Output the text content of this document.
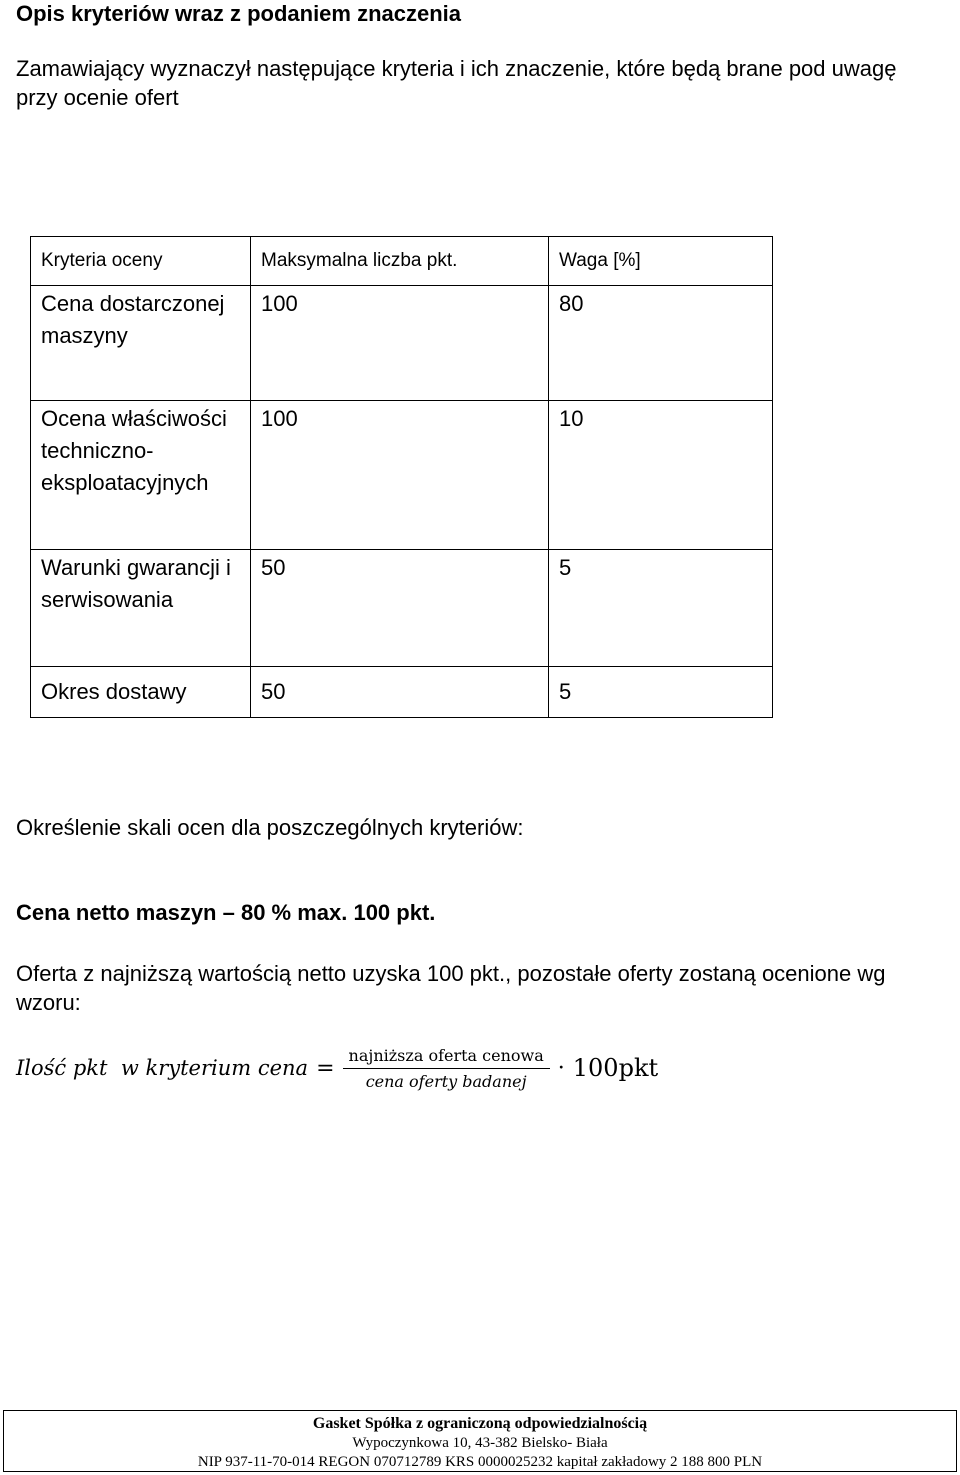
Opis kryteriów wraz z podaniem znaczenia
Zamawiający wyznaczył następujące kryteria i ich znaczenie, które będą brane pod uwagę przy ocenie ofert
Kryteria oceny	Maksymalna liczba pkt.	Waga [%]
Cena dostarczonej maszyny	100	80
Ocena właściwości techniczno-eksploatacyjnych	100	10
Warunki gwarancji i serwisowania	50	5
Okres dostawy	50	5
Określenie skali ocen dla poszczególnych kryteriów:
Cena netto maszyn – 80 % max. 100 pkt.
Oferta z najniższą wartością netto uzyska 100 pkt., pozostałe oferty zostaną ocenione wg wzoru:
Ilość pkt  w kryterium cena = $\frac{\text{najniższa oferta cenowa}}{\text{cena oferty badanej}} \cdot 100pkt$
Gasket Spółka z ograniczoną odpowiedzialnością
Wypoczynkowa 10, 43-382 Bielsko- Biała
NIP 937-11-70-014 REGON 070712789 KRS 0000025232 kapitał zakładowy 2 188 800 PLN
